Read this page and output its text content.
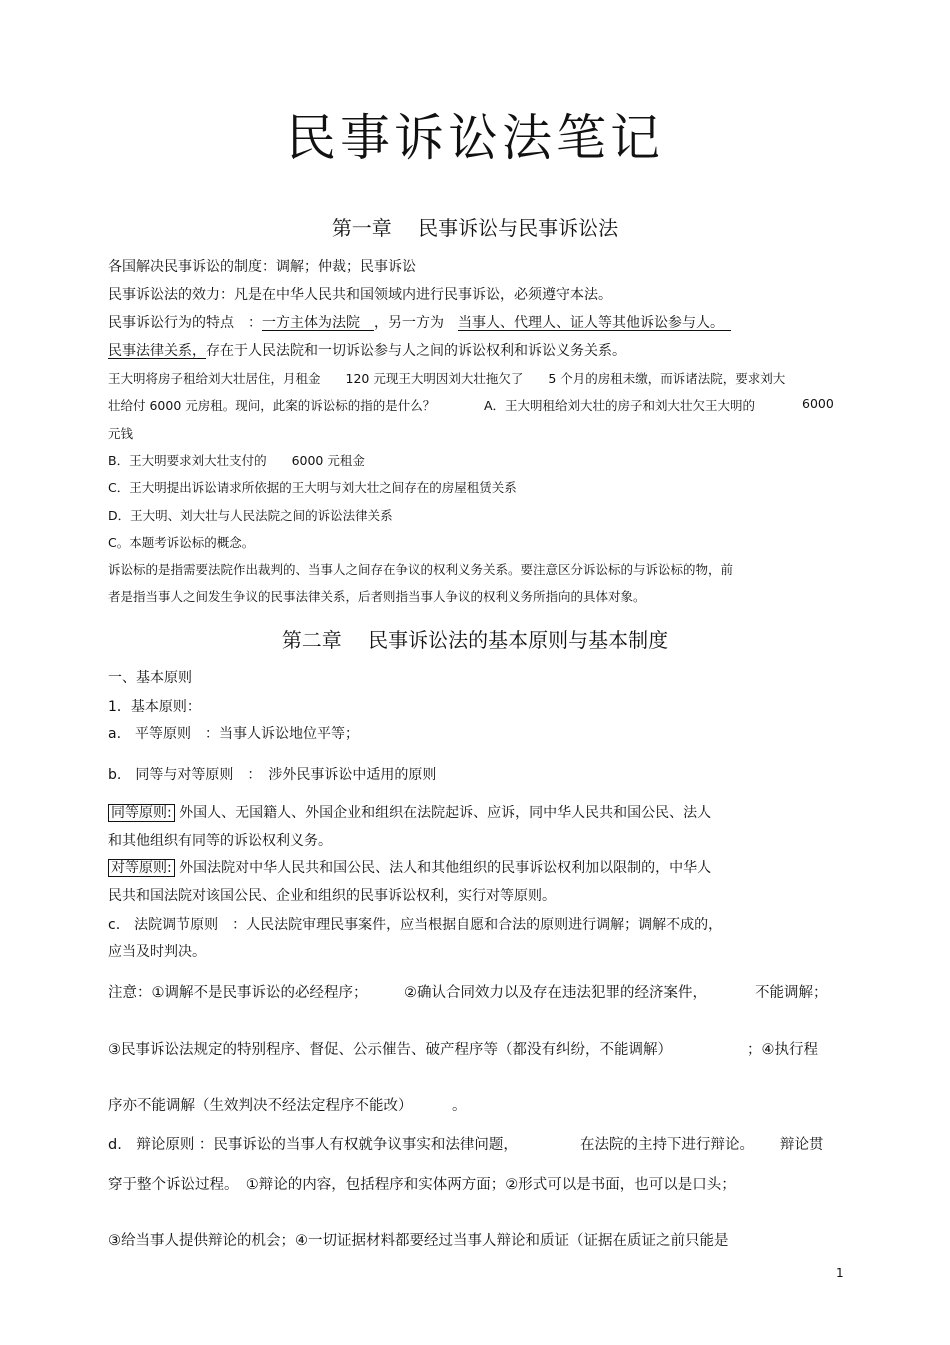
民事诉讼法笔记
第一章　 民事诉讼与民事诉讼法
各国解决民事诉讼的制度：调解；仲裁；民事诉讼
民事诉讼法的效力：凡是在中华人民共和国领域内进行民事诉讼，必须遵守本法。
民事诉讼行为的特点　：一方主体为法院　，另一方为　 当事人、代理人、证人等其他诉讼参与人。　
民事法律关系，存在于人民法院和一切诉讼参与人之间的诉讼权利和诉讼义务关系。
王大明将房子租给刘大壮居住，月租金　　120 元现王大明因刘大壮拖欠了　　5 个月的房租未缴，而诉诸法院，要求刘大
壮给付 6000 元房租。现问，此案的诉讼标的指的是什么？	A．王大明租给刘大壮的房子和刘大壮欠王大明的	6000
元钱
B．王大明要求刘大壮支付的　　6000 元租金
C．王大明提出诉讼请求所依据的王大明与刘大壮之间存在的房屋租赁关系
D．王大明、刘大壮与人民法院之间的诉讼法律关系
C。本题考诉讼标的概念。
诉讼标的是指需要法院作出裁判的、当事人之间存在争议的权利义务关系。要注意区分诉讼标的与诉讼标的物，前
者是指当事人之间发生争议的民事法律关系，后者则指当事人争议的权利义务所指向的具体对象。
第二章　 民事诉讼法的基本原则与基本制度
一、基本原则
1．基本原则：
a.　平等原则　：当事人诉讼地位平等；
b.　同等与对等原则　：　涉外民事诉讼中适用的原则
同等原则: 外国人、无国籍人、外国企业和组织在法院起诉、应诉，同中华人民共和国公民、法人
和其他组织有同等的诉讼权利义务。
对等原则: 外国法院对中华人民共和国公民、法人和其他组织的民事诉讼权利加以限制的，中华人
民共和国法院对该国公民、企业和组织的民事诉讼权利，实行对等原则。
c.　法院调节原则　：人民法院审理民事案件，应当根据自愿和合法的原则进行调解；调解不成的，
应当及时判决。
注意：①调解不是民事诉讼的必经程序；	②确认合同效力以及存在违法犯罪的经济案件，	不能调解；
③民事诉讼法规定的特别程序、督促、公示催告、破产程序等（都没有纠纷，不能调解）	；④执行程
序亦不能调解（生效判决不经法定程序不能改）	。
d.　辩论原则 ：民事诉讼的当事人有权就争议事实和法律问题，	在法院的主持下进行辩论。 辩论贯
穿于整个诉讼过程。　①辩论的内容，包括程序和实体两方面；②形式可以是书面，也可以是口头；
③给当事人提供辩论的机会；④一切证据材料都要经过当事人辩论和质证（证据在质证之前只能是
1
